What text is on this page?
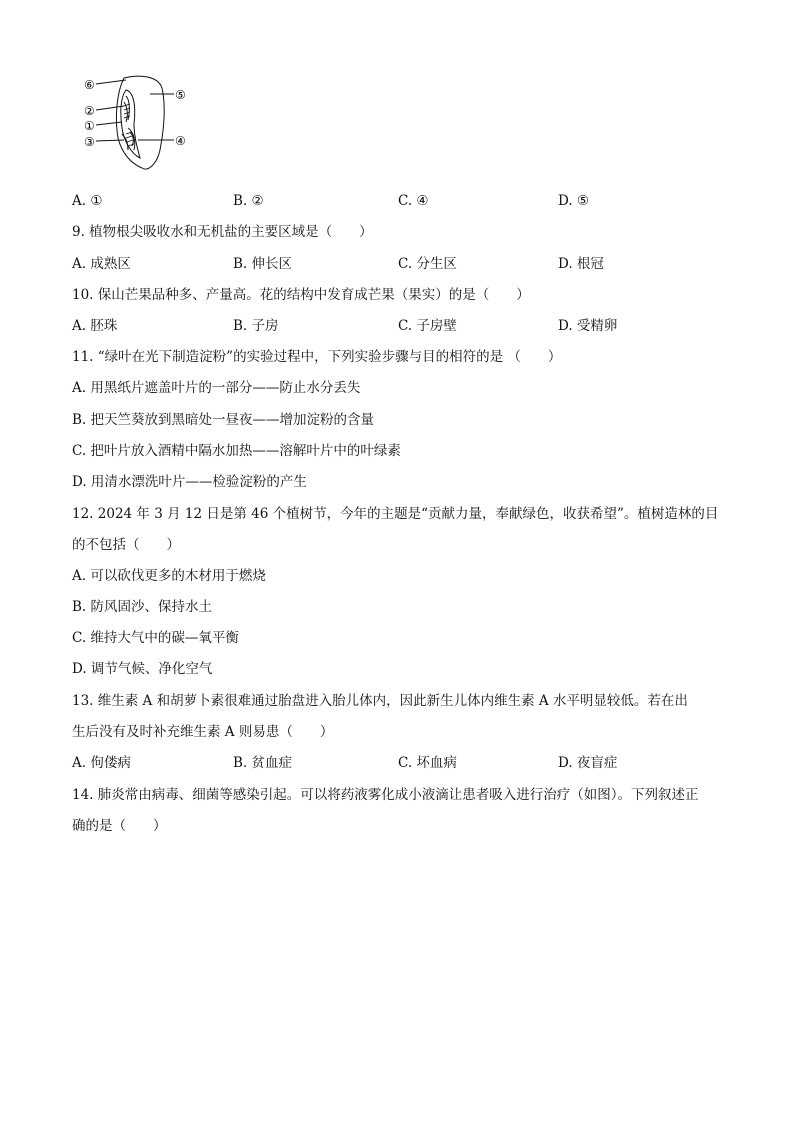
⑥
②
①
③
⑤
④
A. ①	B. ②	C. ④	D. ⑤
9. 植物根尖吸收水和无机盐的主要区域是（　　）
A. 成熟区	B. 伸长区	C. 分生区	D. 根冠
10. 保山芒果品种多、产量高。花的结构中发育成芒果（果实）的是（　　）
A. 胚珠	B. 子房	C. 子房壁	D. 受精卵
11. “绿叶在光下制造淀粉”的实验过程中，下列实验步骤与目的相符的是 （　　）
A. 用黑纸片遮盖叶片的一部分——防止水分丢失
B. 把天竺葵放到黑暗处一昼夜——增加淀粉的含量
C. 把叶片放入酒精中隔水加热——溶解叶片中的叶绿素
D. 用清水漂洗叶片——检验淀粉的产生
12. 2024 年 3 月 12 日是第 46 个植树节，今年的主题是“贡献力量，奉献绿色，收获希望”。植树造林的目
的不包括（　　）
A. 可以砍伐更多的木材用于燃烧
B. 防风固沙、保持水土
C. 维持大气中的碳—氧平衡
D. 调节气候、净化空气
13. 维生素 A 和胡萝卜素很难通过胎盘进入胎儿体内，因此新生儿体内维生素 A 水平明显较低。若在出
生后没有及时补充维生素 A 则易患（　　）
A. 佝偻病	B. 贫血症	C. 坏血病	D. 夜盲症
14. 肺炎常由病毒、细菌等感染引起。可以将药液雾化成小液滴让患者吸入进行治疗（如图）。下列叙述正
确的是（　　）
